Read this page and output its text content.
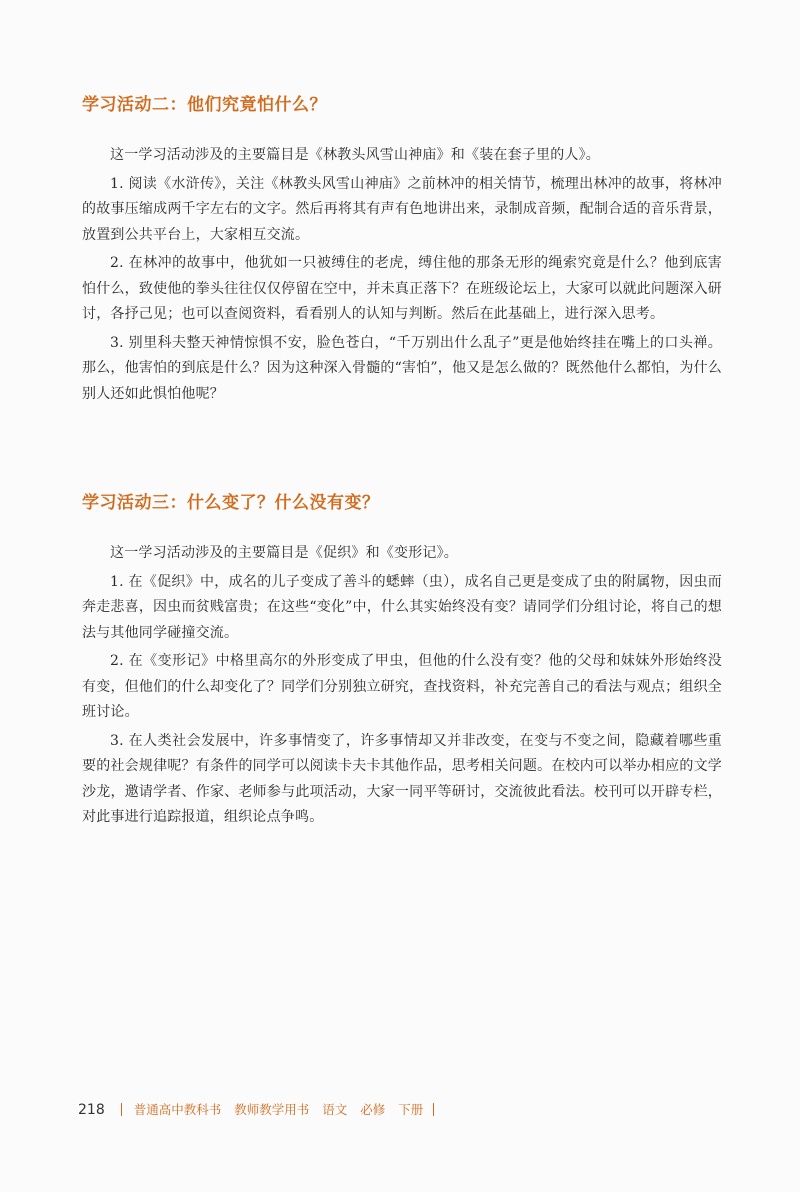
学习活动二：他们究竟怕什么？

这一学习活动涉及的主要篇目是《林教头风雪山神庙》和《装在套子里的人》。

1. 阅读《水浒传》，关注《林教头风雪山神庙》之前林冲的相关情节，梳理出林冲的故事，将林冲的故事压缩成两千字左右的文字。然后再将其有声有色地讲出来，录制成音频，配制合适的音乐背景，放置到公共平台上，大家相互交流。

2. 在林冲的故事中，他犹如一只被缚住的老虎，缚住他的那条无形的绳索究竟是什么？他到底害怕什么，致使他的拳头往往仅仅停留在空中，并未真正落下？在班级论坛上，大家可以就此问题深入研讨，各抒己见；也可以查阅资料，看看别人的认知与判断。然后在此基础上，进行深入思考。

3. 别里科夫整天神情惊惧不安，脸色苍白，“千万别出什么乱子”更是他始终挂在嘴上的口头禅。那么，他害怕的到底是什么？因为这种深入骨髓的“害怕”，他又是怎么做的？既然他什么都怕，为什么别人还如此惧怕他呢？

学习活动三：什么变了？什么没有变？

这一学习活动涉及的主要篇目是《促织》和《变形记》。

1. 在《促织》中，成名的儿子变成了善斗的蟋蟀（虫），成名自己更是变成了虫的附属物，因虫而奔走悲喜，因虫而贫贱富贵；在这些“变化”中，什么其实始终没有变？请同学们分组讨论，将自己的想法与其他同学碰撞交流。

2. 在《变形记》中格里高尔的外形变成了甲虫，但他的什么没有变？他的父母和妹妹外形始终没有变，但他们的什么却变化了？同学们分别独立研究，查找资料，补充完善自己的看法与观点；组织全班讨论。

3. 在人类社会发展中，许多事情变了，许多事情却又并非改变，在变与不变之间，隐藏着哪些重要的社会规律呢？有条件的同学可以阅读卡夫卡其他作品，思考相关问题。在校内可以举办相应的文学沙龙，邀请学者、作家、老师参与此项活动，大家一同平等研讨，交流彼此看法。校刊可以开辟专栏，对此事进行追踪报道，组织论点争鸣。

218 普通高中教科书 教师教学用书 语文 必修 下册
